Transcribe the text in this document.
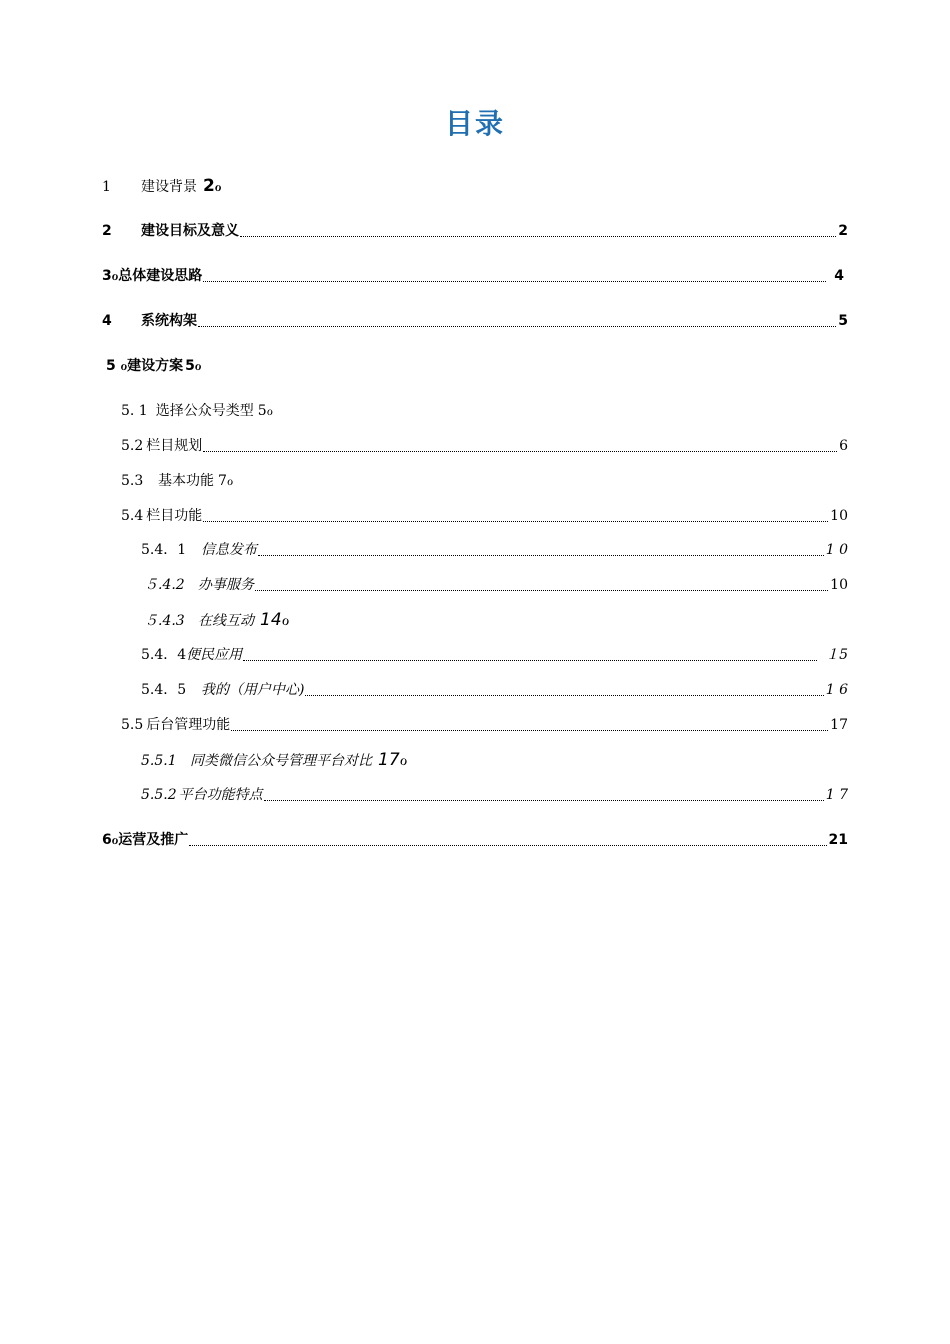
目录
1	建设背景 2 ℴ
2	建设目标及意义	2
3ℴ 总体建设思路	4
4	系统构架	5
5 ℴ 建设方案 5ℴ
5. 1 选择公众号类型 5ℴ
5.2 栏目规划	6
5.3	基本功能 7ℴ
5.4 栏目功能	10
5.4．1	信息发布	1 0
５.4.2 办事服务	10
５.4.3 在线互动 14ℴ
5.4．4 便民应用	１5
5.4．5	我的（用户中心)	1 6
5.5 后台管理功能	17
5.5.1 同类微信公众号管理平台对比 17ℴ
5.5.2 平台功能特点	1 7
6ℴ 运营及推广	21
